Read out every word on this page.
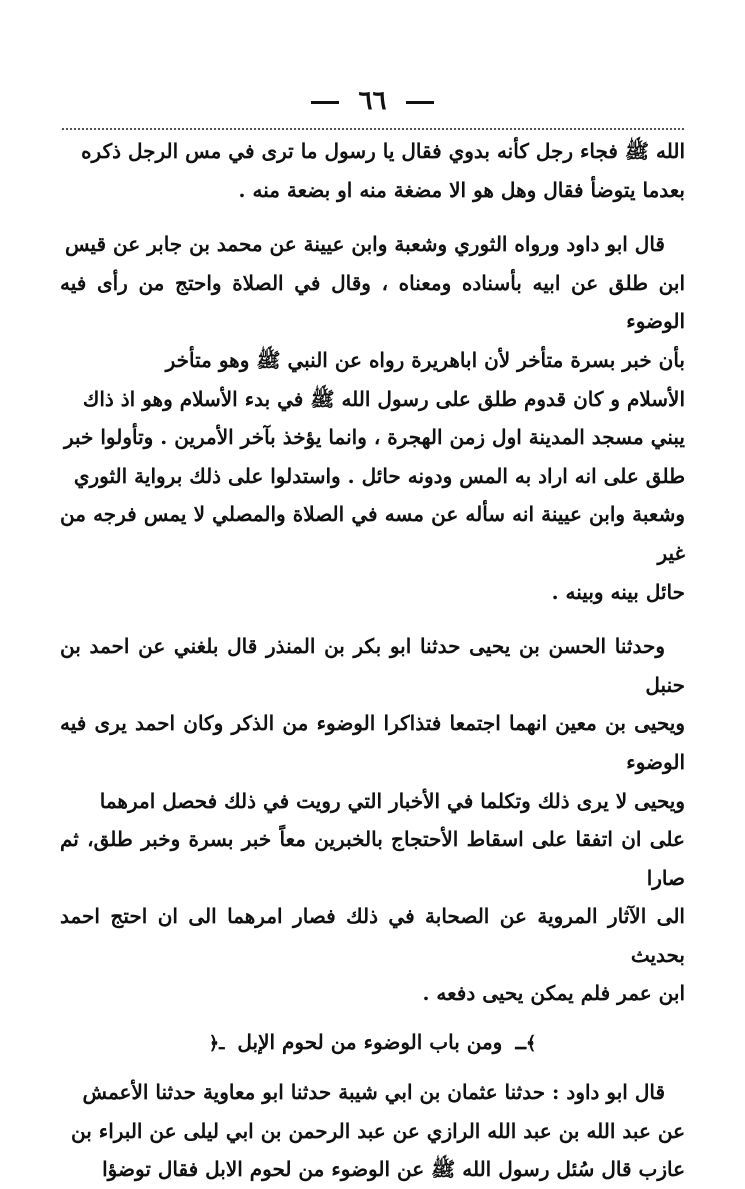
٦٦

الله ﷺ فجاء رجل كأنه بدوي فقال يا رسول ما ترى في مس الرجل ذكره

بعدما يتوضأ فقال وهل هو الا مضغة منه او بضعة منه .

قال ابو داود ورواه الثوري وشعبة وابن عيينة عن محمد بن جابر عن قيس

ابن طلق عن ابيه بأسناده ومعناه ، وقال في الصلاة واحتج من رأى فيه الوضوء

بأن خبر بسرة متأخر لأن اباهريرة رواه عن النبي ﷺ وهو متأخر

الأسلام و كان قدوم طلق على رسول الله ﷺ في بدء الأسلام وهو اذ ذاك

يبني مسجد المدينة اول زمن الهجرة ، وانما يؤخذ بآخر الأمرين . وتأولوا خبر

طلق على انه اراد به المس ودونه حائل . واستدلوا على ذلك برواية الثوري

وشعبة وابن عيينة انه سأله عن مسه في الصلاة والمصلي لا يمس فرجه من غير

حائل بينه وبينه .

وحدثنا الحسن بن يحيى حدثنا ابو بكر بن المنذر قال بلغني عن احمد بن حنبل

ويحيى بن معين انهما اجتمعا فتذاكرا الوضوء من الذكر وكان احمد يرى فيه الوضوء

ويحيى لا يرى ذلك وتكلما في الأخبار التي رويت في ذلك فحصل امرهما

على ان اتفقا على اسقاط الأحتجاج بالخبرين معاً خبر بسرة وخبر طلق، ثم صارا

الى الآثار المروية عن الصحابة في ذلك فصار امرهما الى ان احتج احمد بحديث

ابن عمر فلم يمكن يحيى دفعه .

﴾ـ ومن باب الوضوء من لحوم الإبل ـ﴿

قال ابو داود : حدثنا عثمان بن ابي شيبة حدثنا ابو معاوية حدثنا الأعمش

عن عبد الله بن عبد الله الرازي عن عبد الرحمن بن ابي ليلى عن البراء بن

عازب قال سُئل رسول الله ﷺ عن الوضوء من لحوم الابل فقال توضؤا
